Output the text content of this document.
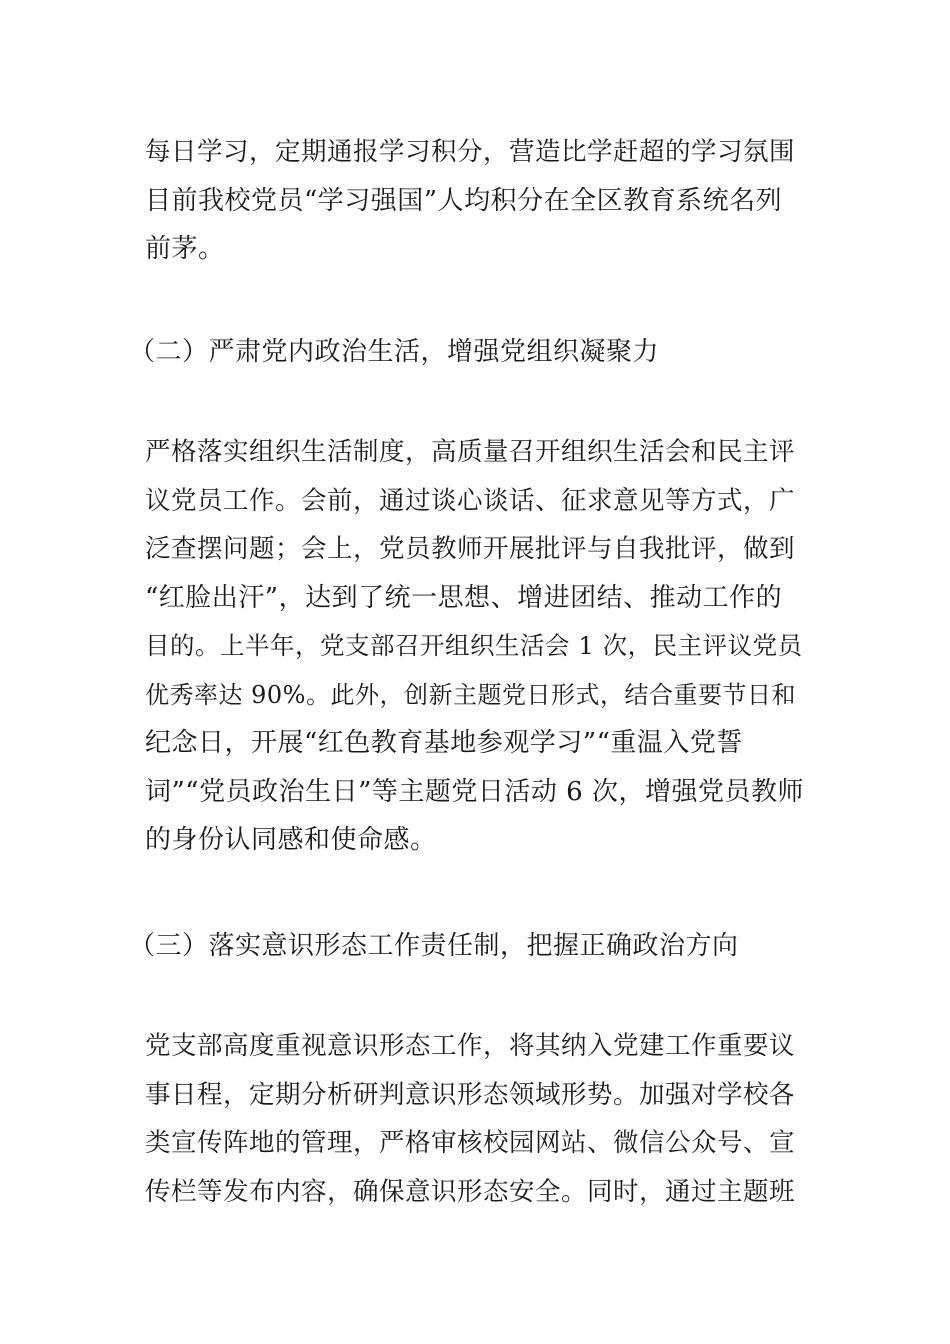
每日学习，定期通报学习积分，营造比学赶超的学习氛围
目前我校党员“学习强国”人均积分在全区教育系统名列
前茅。
（二）严肃党内政治生活，增强党组织凝聚力
严格落实组织生活制度，高质量召开组织生活会和民主评
议党员工作。会前，通过谈心谈话、征求意见等方式，广
泛查摆问题；会上，党员教师开展批评与自我批评，做到
“红脸出汗”，达到了统一思想、增进团结、推动工作的
目的。上半年，党支部召开组织生活会 1 次，民主评议党员
优秀率达 90%。此外，创新主题党日形式，结合重要节日和
纪念日，开展“红色教育基地参观学习”“重温入党誓
词”“党员政治生日”等主题党日活动 6 次，增强党员教师
的身份认同感和使命感。
（三）落实意识形态工作责任制，把握正确政治方向
党支部高度重视意识形态工作，将其纳入党建工作重要议
事日程，定期分析研判意识形态领域形势。加强对学校各
类宣传阵地的管理，严格审核校园网站、微信公众号、宣
传栏等发布内容，确保意识形态安全。同时，通过主题班
